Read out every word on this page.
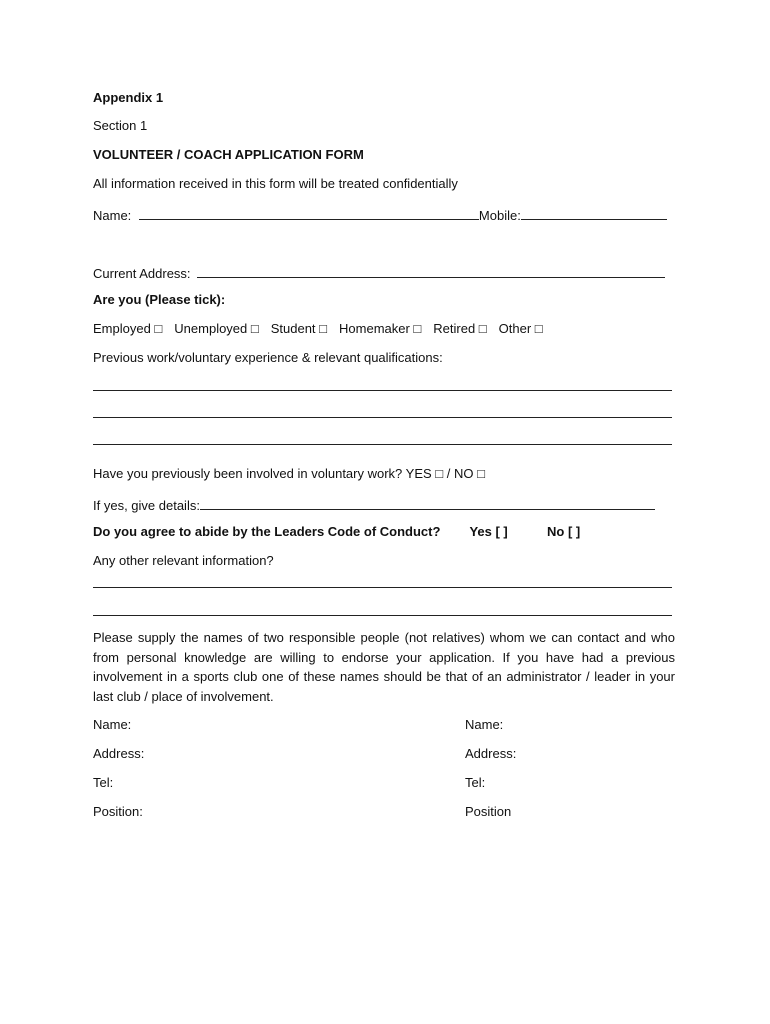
Appendix 1
Section 1
VOLUNTEER / COACH APPLICATION FORM
All information received in this form will be treated confidentially
Name:	Mobile:
Current Address:
Are you (Please tick):
Employed □ Unemployed □ Student □ Homemaker □ Retired □ Other □
Previous work/voluntary experience & relevant qualifications:
Have you previously been involved in voluntary work? YES □ / NO □
If yes, give details:
Do you agree to abide by the Leaders Code of Conduct? Yes [ ]	No [ ]
Any other relevant information?
Please supply the names of two responsible people (not relatives) whom we can contact and who from personal knowledge are willing to endorse your application. If you have had a previous involvement in a sports club one of these names should be that of an administrator / leader in your last club / place of involvement.
Name:	Name:
Address:	Address:
Tel:	Tel:
Position:	Position
